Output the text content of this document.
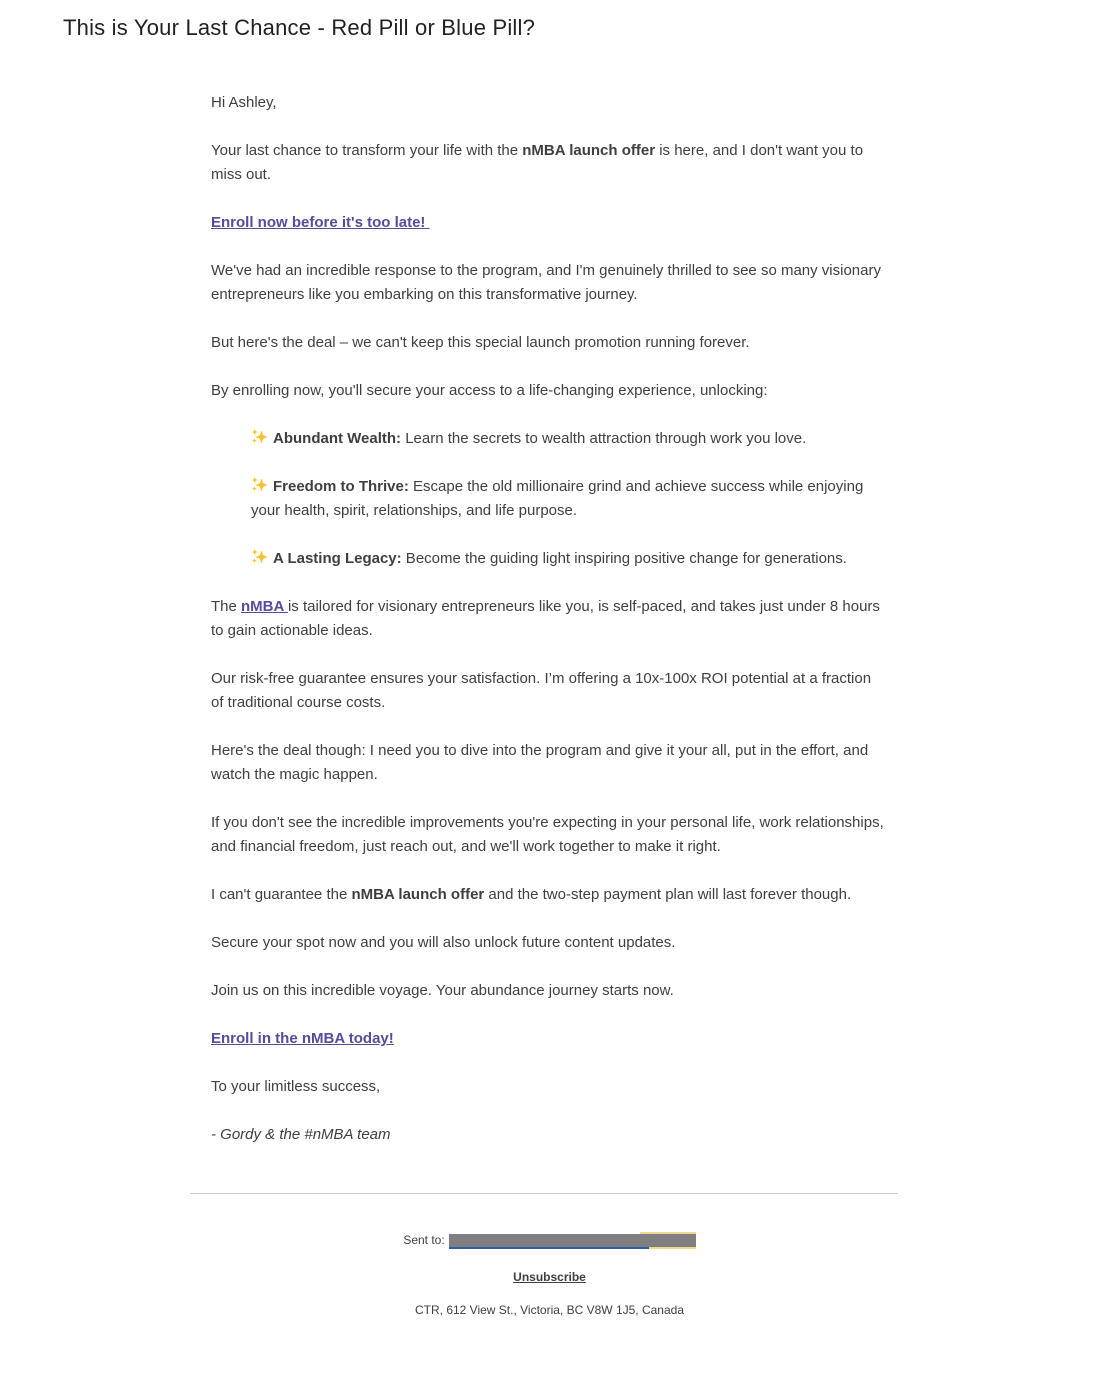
This is Your Last Chance - Red Pill or Blue Pill?

Hi Ashley,

Your last chance to transform your life with the nMBA launch offer is here, and I don't want you to miss out.

Enroll now before it's too late!

We've had an incredible response to the program, and I'm genuinely thrilled to see so many visionary entrepreneurs like you embarking on this transformative journey.

But here's the deal – we can't keep this special launch promotion running forever.

By enrolling now, you'll secure your access to a life-changing experience, unlocking:

Abundant Wealth: Learn the secrets to wealth attraction through work you love.

Freedom to Thrive: Escape the old millionaire grind and achieve success while enjoying your health, spirit, relationships, and life purpose.

A Lasting Legacy: Become the guiding light inspiring positive change for generations.

The nMBA is tailored for visionary entrepreneurs like you, is self-paced, and takes just under 8 hours to gain actionable ideas.

Our risk-free guarantee ensures your satisfaction. I’m offering a 10x-100x ROI potential at a fraction of traditional course costs.

Here's the deal though: I need you to dive into the program and give it your all, put in the effort, and watch the magic happen.

If you don't see the incredible improvements you're expecting in your personal life, work relationships, and financial freedom, just reach out, and we'll work together to make it right.

I can't guarantee the nMBA launch offer and the two-step payment plan will last forever though.

Secure your spot now and you will also unlock future content updates.

Join us on this incredible voyage. Your abundance journey starts now.

Enroll in the nMBA today!

To your limitless success,

- Gordy & the #nMBA team

Sent to:
Unsubscribe
CTR, 612 View St., Victoria, BC V8W 1J5, Canada
